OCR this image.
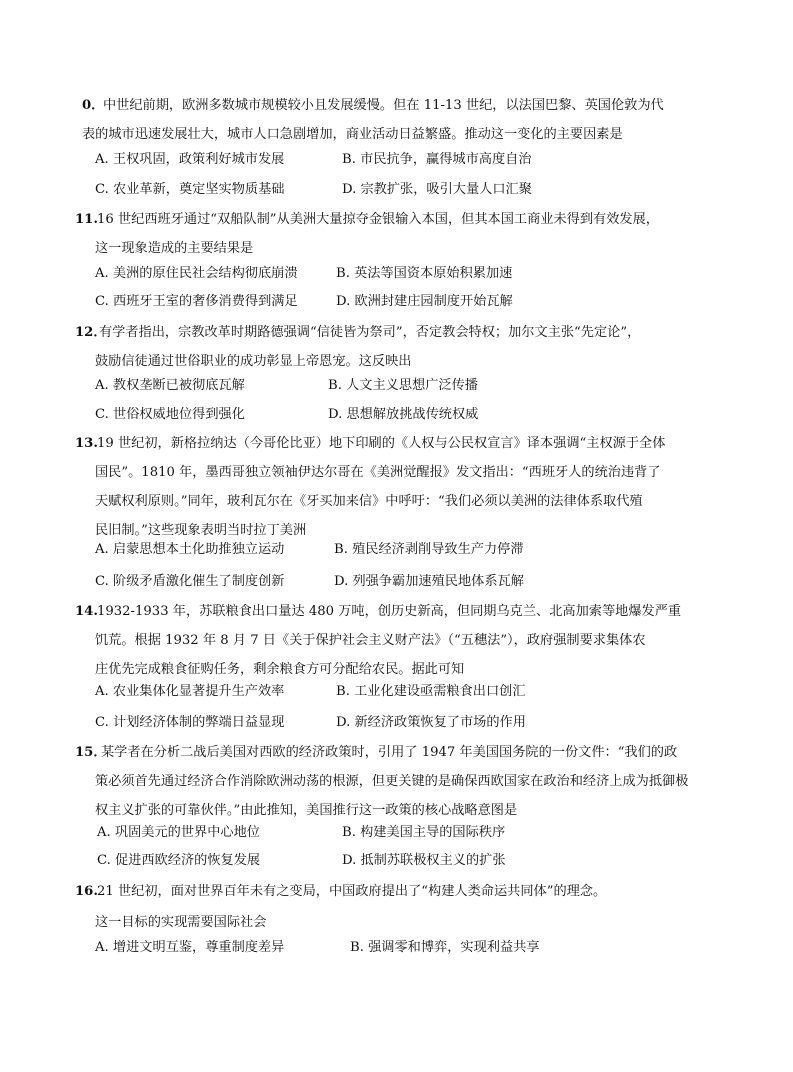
0．
中世纪前期，欧洲多数城市规模较小且发展缓慢。但在 11-13 世纪，以法国巴黎、英国伦敦为代
表的城市迅速发展壮大，城市人口急剧增加，商业活动日益繁盛。推动这一变化的主要因素是
A. 王权巩固，政策利好城市发展	B. 市民抗争，赢得城市高度自治
C. 农业革新，奠定坚实物质基础	D. 宗教扩张，吸引大量人口汇聚
11. 16 世纪西班牙通过“双船队制”从美洲大量掠夺金银输入本国，但其本国工商业未得到有效发展，
这一现象造成的主要结果是
A. 美洲的原住民社会结构彻底崩溃	B. 英法等国资本原始积累加速
C. 西班牙王室的奢侈消费得到满足	D. 欧洲封建庄园制度开始瓦解
12．
有学者指出，宗教改革时期路德强调“信徒皆为祭司”，否定教会特权；加尔文主张“先定论”，
鼓励信徒通过世俗职业的成功彰显上帝恩宠。这反映出
A. 教权垄断已被彻底瓦解	B. 人文主义思想广泛传播
C. 世俗权威地位得到强化	D. 思想解放挑战传统权威
13. 19 世纪初，新格拉纳达（今哥伦比亚）地下印刷的《人权与公民权宣言》译本强调“主权源于全体
国民”。1810 年，墨西哥独立领袖伊达尔哥在《美洲觉醒报》发文指出：“西班牙人的统治违背了
天赋权利原则。”同年，玻利瓦尔在《牙买加来信》中呼吁：“我们必须以美洲的法律体系取代殖
民旧制。”这些现象表明当时拉丁美洲
A. 启蒙思想本土化助推独立运动	B. 殖民经济剥削导致生产力停滞
C. 阶级矛盾激化催生了制度创新	D. 列强争霸加速殖民地体系瓦解
14. 1932-1933 年，苏联粮食出口量达 480 万吨，创历史新高，但同期乌克兰、北高加索等地爆发严重
饥荒。根据 1932 年 8 月 7 日《关于保护社会主义财产法》（“五穗法”），政府强制要求集体农
庄优先完成粮食征购任务，剩余粮食方可分配给农民。据此可知
A. 农业集体化显著提升生产效率	B. 工业化建设亟需粮食出口创汇
C. 计划经济体制的弊端日益显现	D. 新经济政策恢复了市场的作用
15．
某学者在分析二战后美国对西欧的经济政策时，引用了 1947 年美国国务院的一份文件：“我们的政
策必须首先通过经济合作消除欧洲动荡的根源，但更关键的是确保西欧国家在政治和经济上成为抵御极
权主义扩张的可靠伙伴。”由此推知，美国推行这一政策的核心战略意图是
A. 巩固美元的世界中心地位	B. 构建美国主导的国际秩序
C. 促进西欧经济的恢复发展	D. 抵制苏联极权主义的扩张
16. 21 世纪初，面对世界百年未有之变局，中国政府提出了“构建人类命运共同体”的理念。
这一目标的实现需要国际社会
A. 增进文明互鉴，尊重制度差异	B. 强调零和博弈，实现利益共享
